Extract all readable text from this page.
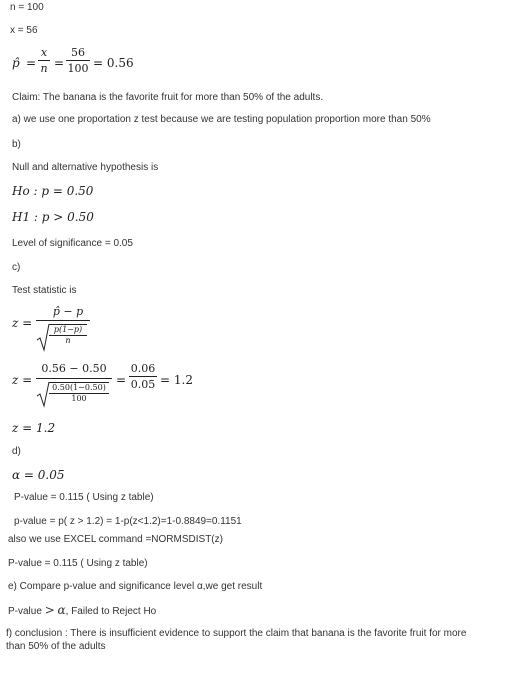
n = 100
x = 56
p̂ =
x
n =
56
100 = 0.56
Claim: The banana is the favorite fruit for more than 50% of the adults.
a) we use one proportation z test because we are testing population proportion more than 50%
b)
Null and alternative hypothesis is
Ho : p = 0.50
H1 : p > 0.50
Level of significance = 0.05
c)
Test statistic is
z =
p̂ − p
$\frac{p(1-p)}{n}$
z =
0.56 − 0.50
$\frac{0.50(1-0.50)}{100}$
=
0.06
0.05 = 1.2
z = 1.2
d)
α = 0.05
P-value = 0.115 ( Using z table)
p-value = p( z > 1.2) = 1-p(z<1.2)=1-0.8849=0.1151
also we use EXCEL command =NORMSDIST(z)
P-value = 0.115 ( Using z table)
e) Compare p-value and significance level α,we get result
P-value > α, Failed to Reject Ho
f) conclusion : There is insufficient evidence to support the claim that banana is the favorite fruit for more
than 50% of the adults
